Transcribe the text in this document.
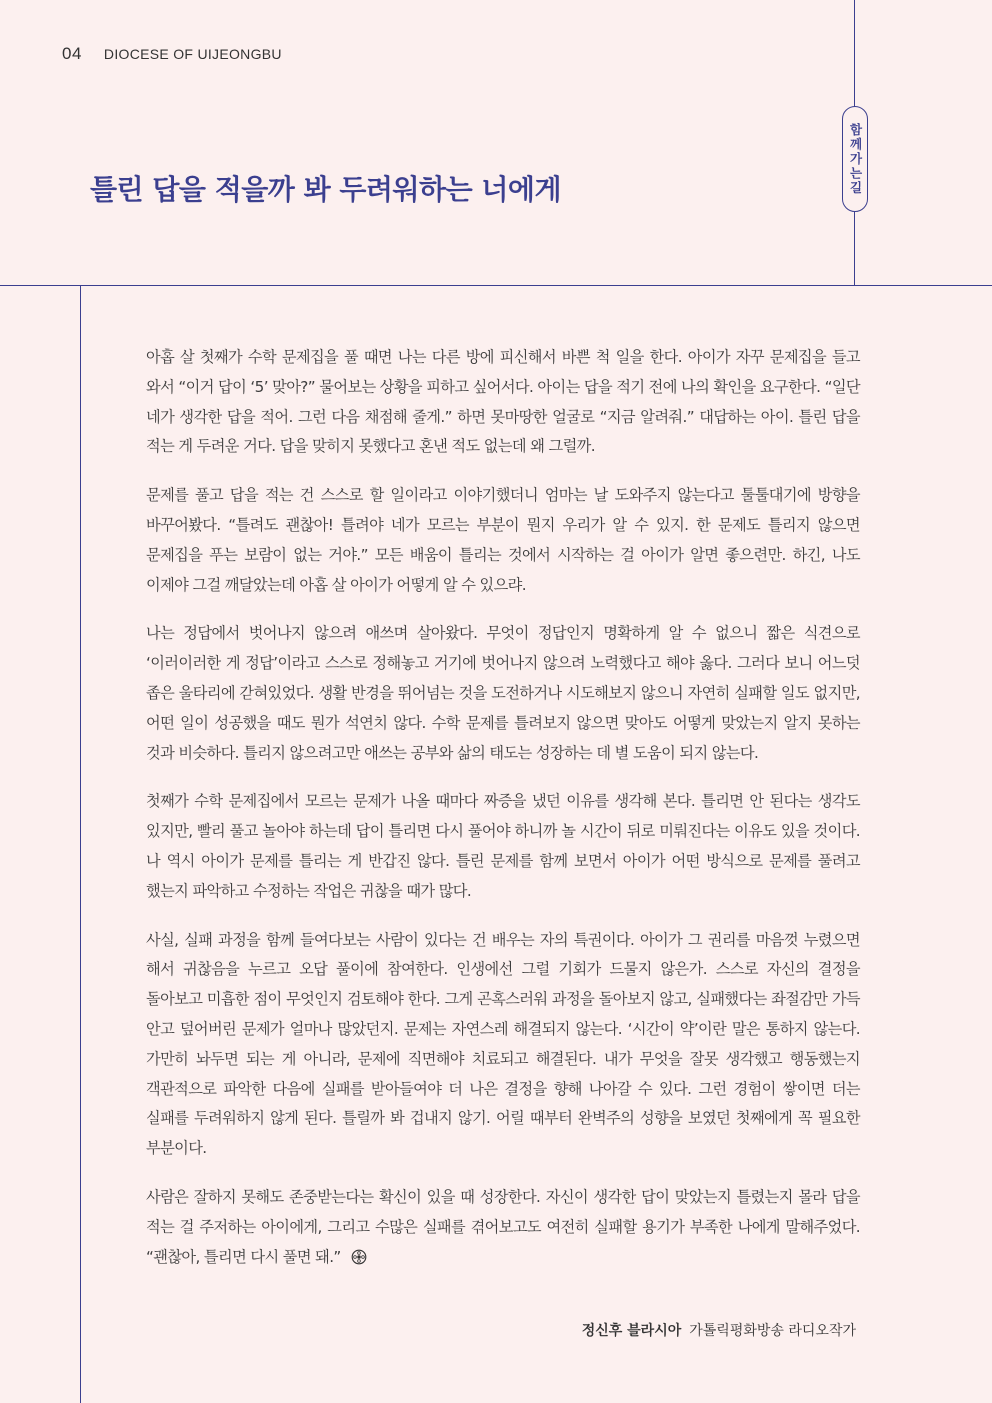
04 DIOCESE OF UIJEONGBU
함께가는길
틀린 답을 적을까 봐 두려워하는 너에게

아홉 살 첫째가 수학 문제집을 풀 때면 나는 다른 방에 피신해서 바쁜 척 일을 한다. 아이가 자꾸 문제집을 들고 와서 “이거 답이 ‘5’ 맞아?” 물어보는 상황을 피하고 싶어서다. 아이는 답을 적기 전에 나의 확인을 요구한다. “일단 네가 생각한 답을 적어. 그런 다음 채점해 줄게.” 하면 못마땅한 얼굴로 “지금 알려줘.” 대답하는 아이. 틀린 답을 적는 게 두려운 거다. 답을 맞히지 못했다고 혼낸 적도 없는데 왜 그럴까.

문제를 풀고 답을 적는 건 스스로 할 일이라고 이야기했더니 엄마는 날 도와주지 않는다고 툴툴대기에 방향을 바꾸어봤다. “틀려도 괜찮아! 틀려야 네가 모르는 부분이 뭔지 우리가 알 수 있지. 한 문제도 틀리지 않으면 문제집을 푸는 보람이 없는 거야.” 모든 배움이 틀리는 것에서 시작하는 걸 아이가 알면 좋으련만. 하긴, 나도 이제야 그걸 깨달았는데 아홉 살 아이가 어떻게 알 수 있으랴.

나는 정답에서 벗어나지 않으려 애쓰며 살아왔다. 무엇이 정답인지 명확하게 알 수 없으니 짧은 식견으로 ‘이러이러한 게 정답’이라고 스스로 정해놓고 거기에 벗어나지 않으려 노력했다고 해야 옳다. 그러다 보니 어느덧 좁은 울타리에 갇혀있었다. 생활 반경을 뛰어넘는 것을 도전하거나 시도해보지 않으니 자연히 실패할 일도 없지만, 어떤 일이 성공했을 때도 뭔가 석연치 않다. 수학 문제를 틀려보지 않으면 맞아도 어떻게 맞았는지 알지 못하는 것과 비슷하다. 틀리지 않으려고만 애쓰는 공부와 삶의 태도는 성장하는 데 별 도움이 되지 않는다.

첫째가 수학 문제집에서 모르는 문제가 나올 때마다 짜증을 냈던 이유를 생각해 본다. 틀리면 안 된다는 생각도 있지만, 빨리 풀고 놀아야 하는데 답이 틀리면 다시 풀어야 하니까 놀 시간이 뒤로 미뤄진다는 이유도 있을 것이다. 나 역시 아이가 문제를 틀리는 게 반갑진 않다. 틀린 문제를 함께 보면서 아이가 어떤 방식으로 문제를 풀려고 했는지 파악하고 수정하는 작업은 귀찮을 때가 많다.

사실, 실패 과정을 함께 들여다보는 사람이 있다는 건 배우는 자의 특권이다. 아이가 그 권리를 마음껏 누렸으면 해서 귀찮음을 누르고 오답 풀이에 참여한다. 인생에선 그럴 기회가 드물지 않은가. 스스로 자신의 결정을 돌아보고 미흡한 점이 무엇인지 검토해야 한다. 그게 곤혹스러워 과정을 돌아보지 않고, 실패했다는 좌절감만 가득 안고 덮어버린 문제가 얼마나 많았던지. 문제는 자연스레 해결되지 않는다. ‘시간이 약’이란 말은 통하지 않는다. 가만히 놔두면 되는 게 아니라, 문제에 직면해야 치료되고 해결된다. 내가 무엇을 잘못 생각했고 행동했는지 객관적으로 파악한 다음에 실패를 받아들여야 더 나은 결정을 향해 나아갈 수 있다. 그런 경험이 쌓이면 더는 실패를 두려워하지 않게 된다. 틀릴까 봐 겁내지 않기. 어릴 때부터 완벽주의 성향을 보였던 첫째에게 꼭 필요한 부분이다.

사람은 잘하지 못해도 존중받는다는 확신이 있을 때 성장한다. 자신이 생각한 답이 맞았는지 틀렸는지 몰라 답을 적는 걸 주저하는 아이에게, 그리고 수많은 실패를 겪어보고도 여전히 실패할 용기가 부족한 나에게 말해주었다. “괜찮아, 틀리면 다시 풀면 돼.”

정신후 블라시아 가톨릭평화방송 라디오작가
